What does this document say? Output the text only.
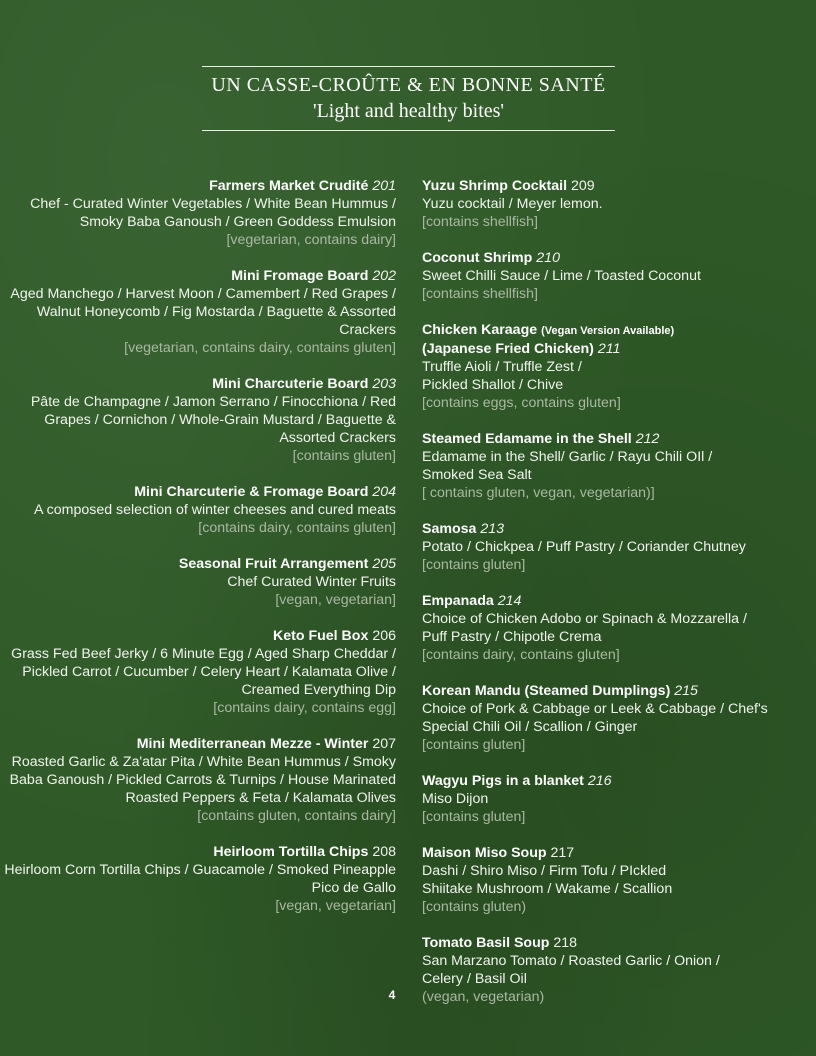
UN CASSE-CROÛTE & EN BONNE SANTÉ
'Light and healthy bites'
Farmers Market Crudité 201
Chef - Curated Winter Vegetables / White Bean Hummus / Smoky Baba Ganoush / Green Goddess Emulsion
[vegetarian, contains dairy]
Mini Fromage Board 202
Aged Manchego / Harvest Moon / Camembert / Red Grapes / Walnut Honeycomb / Fig Mostarda / Baguette & Assorted Crackers
[vegetarian, contains dairy, contains gluten]
Mini Charcuterie Board 203
Pâte de Champagne / Jamon Serrano / Finocchiona / Red Grapes / Cornichon / Whole-Grain Mustard / Baguette & Assorted Crackers
[contains gluten]
Mini Charcuterie & Fromage Board 204
A composed selection of winter cheeses and cured meats
[contains dairy, contains gluten]
Seasonal Fruit Arrangement 205
Chef Curated Winter Fruits
[vegan, vegetarian]
Keto Fuel Box 206
Grass Fed Beef Jerky / 6 Minute Egg / Aged Sharp Cheddar / Pickled Carrot / Cucumber / Celery Heart / Kalamata Olive / Creamed Everything Dip
[contains dairy, contains egg]
Mini Mediterranean Mezze - Winter 207
Roasted Garlic & Za'atar Pita / White Bean Hummus / Smoky Baba Ganoush / Pickled Carrots & Turnips / House Marinated Roasted Peppers & Feta / Kalamata Olives
[contains gluten, contains dairy]
Heirloom Tortilla Chips 208
Heirloom Corn Tortilla Chips / Guacamole / Smoked Pineapple Pico de Gallo
[vegan, vegetarian]
Yuzu Shrimp Cocktail 209
Yuzu cocktail / Meyer lemon.
[contains shellfish]
Coconut Shrimp 210
Sweet Chilli Sauce / Lime / Toasted Coconut
[contains shellfish]
Chicken Karaage (Vegan Version Available)
(Japanese Fried Chicken) 211
Truffle Aioli / Truffle Zest / Pickled Shallot / Chive
[contains eggs, contains gluten]
Steamed Edamame in the Shell 212
Edamame in the Shell/ Garlic / Rayu Chili OIl / Smoked Sea Salt
[ contains gluten, vegan, vegetarian)]
Samosa 213
Potato / Chickpea / Puff Pastry / Coriander Chutney
[contains gluten]
Empanada 214
Choice of Chicken Adobo or Spinach & Mozzarella / Puff Pastry / Chipotle Crema
[contains dairy, contains gluten]
Korean Mandu (Steamed Dumplings) 215
Choice of Pork & Cabbage or Leek & Cabbage / Chef's Special Chili Oil / Scallion / Ginger
[contains gluten]
Wagyu Pigs in a blanket 216
Miso Dijon
[contains gluten]
Maison Miso Soup 217
Dashi / Shiro Miso / Firm Tofu / PIckled Shiitake Mushroom / Wakame / Scallion
[contains gluten)
Tomato Basil Soup 218
San Marzano Tomato / Roasted Garlic / Onion / Celery / Basil Oil
(vegan, vegetarian)
4
